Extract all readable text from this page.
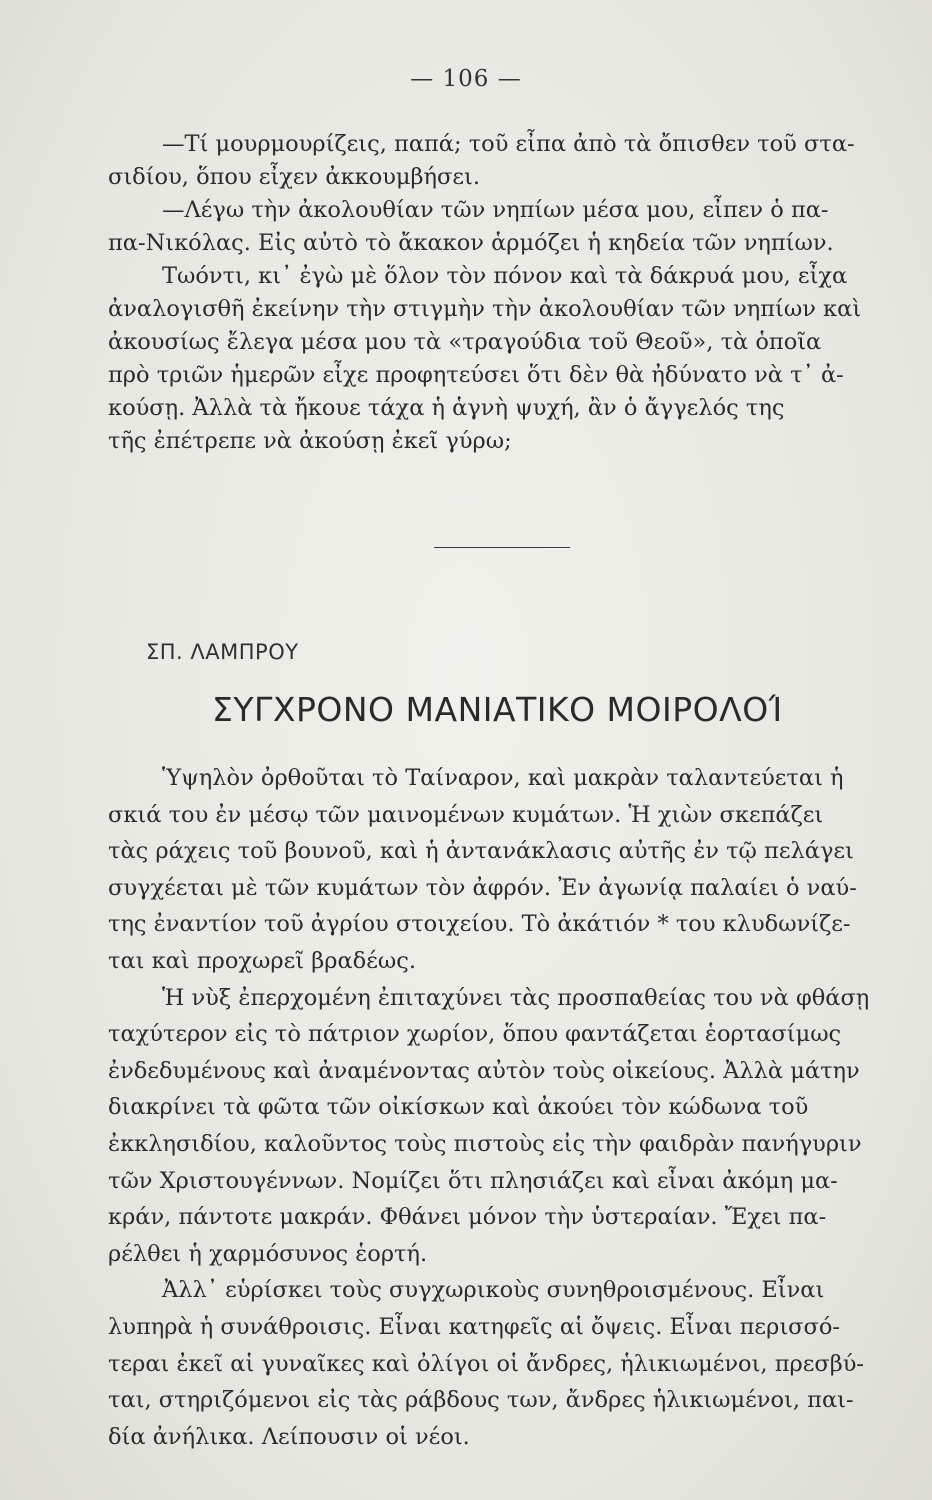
— 106 —
—Τί μουρμουρίζεις, παπά; τοῦ εἶπα ἀπὸ τὰ ὄπισθεν τοῦ στα-
σιδίου, ὅπου εἶχεν ἀκκουμβήσει.
—Λέγω τὴν ἀκολουθίαν τῶν νηπίων μέσα μου, εἶπεν ὁ πα-
πα-Νικόλας. Εἰς αὐτὸ τὸ ἄκακον ἁρμόζει ἡ κηδεία τῶν νηπίων.
Τωόντι, κι᾽ ἐγὼ μὲ ὅλον τὸν πόνον καὶ τὰ δάκρυά μου, εἶχα
ἀναλογισθῆ ἐκείνην τὴν στιγμὴν τὴν ἀκολουθίαν τῶν νηπίων καὶ
ἀκουσίως ἔλεγα μέσα μου τὰ «τραγούδια τοῦ Θεοῦ», τὰ ὁποῖα
πρὸ τριῶν ἡμερῶν εἶχε προφητεύσει ὅτι δὲν θὰ ἠδύνατο νὰ τ᾽ ἀ-
κούσῃ. Ἀλλὰ τὰ ἤκουε τάχα ἡ ἁγνὴ ψυχή, ἂν ὁ ἄγγελός της
τῆς ἐπέτρεπε νὰ ἀκούσῃ ἐκεῖ γύρω;
ΣΠ. ΛΑΜΠΡΟΥ
ΣΥΓΧΡΟΝΟ ΜΑΝΙΑΤΙΚΟ ΜΟΙΡΟΛΟΊ
Ὑψηλὸν ὀρθοῦται τὸ Ταίναρον, καὶ μακρὰν ταλαντεύεται ἡ
σκιά του ἐν μέσῳ τῶν μαινομένων κυμάτων. Ἡ χιὼν σκεπάζει
τὰς ράχεις τοῦ βουνοῦ, καὶ ἡ ἀντανάκλασις αὐτῆς ἐν τῷ πελάγει
συγχέεται μὲ τῶν κυμάτων τὸν ἀφρόν. Ἐν ἀγωνίᾳ παλαίει ὁ ναύ-
της ἐναντίον τοῦ ἀγρίου στοιχείου. Τὸ ἀκάτιόν * του κλυδωνίζε-
ται καὶ προχωρεῖ βραδέως.
Ἡ νὺξ ἐπερχομένη ἐπιταχύνει τὰς προσπαθείας του νὰ φθάσῃ
ταχύτερον εἰς τὸ πάτριον χωρίον, ὅπου φαντάζεται ἑορτασίμως
ἐνδεδυμένους καὶ ἀναμένοντας αὐτὸν τοὺς οἰκείους. Ἀλλὰ μάτην
διακρίνει τὰ φῶτα τῶν οἰκίσκων καὶ ἀκούει τὸν κώδωνα τοῦ
ἐκκλησιδίου, καλοῦντος τοὺς πιστοὺς εἰς τὴν φαιδρὰν πανήγυριν
τῶν Χριστουγέννων. Νομίζει ὅτι πλησιάζει καὶ εἶναι ἀκόμη μα-
κράν, πάντοτε μακράν. Φθάνει μόνον τὴν ὑστεραίαν. Ἔχει πα-
ρέλθει ἡ χαρμόσυνος ἑορτή.
Ἀλλ᾽ εὑρίσκει τοὺς συγχωρικοὺς συνηθροισμένους. Εἶναι
λυπηρὰ ἡ συνάθροισις. Εἶναι κατηφεῖς αἱ ὄψεις. Εἶναι περισσό-
τεραι ἐκεῖ αἱ γυναῖκες καὶ ὀλίγοι οἱ ἄνδρες, ἡλικιωμένοι, πρεσβύ-
ται, στηριζόμενοι εἰς τὰς ράβδους των, ἄνδρες ἡλικιωμένοι, παι-
δία ἀνήλικα. Λείπουσιν οἱ νέοι.
